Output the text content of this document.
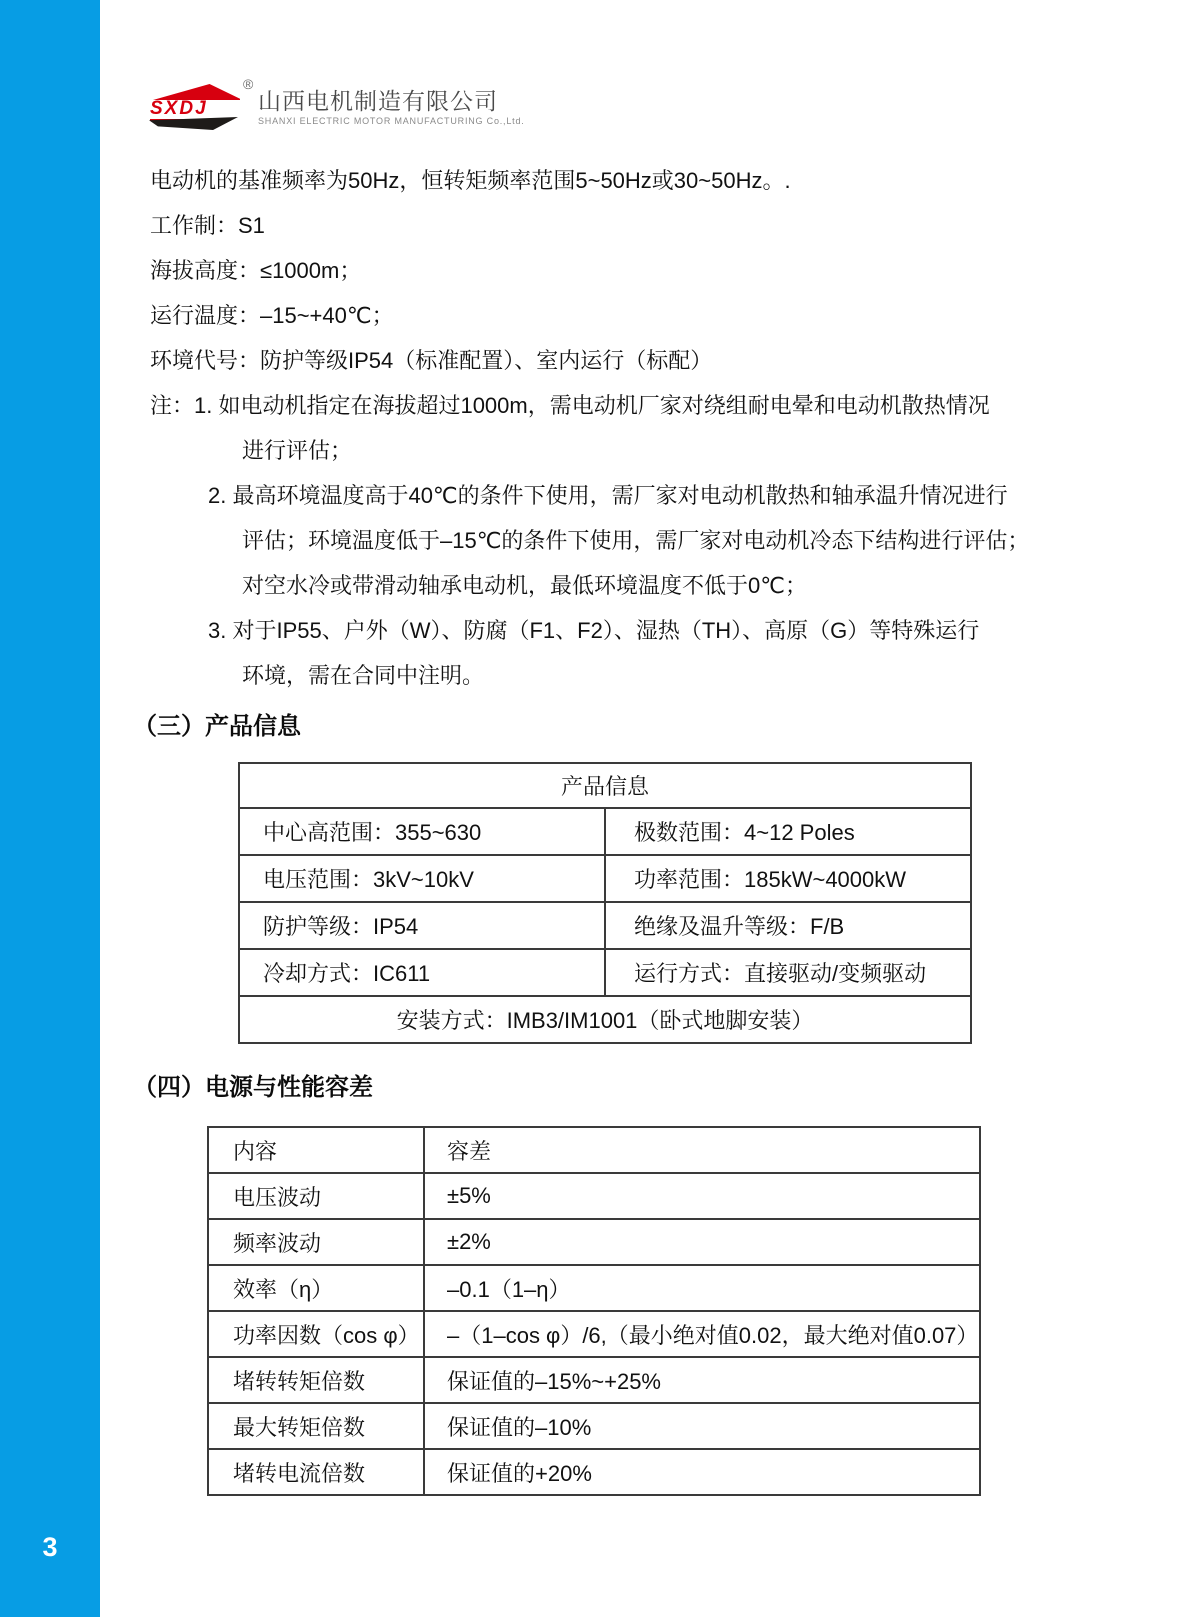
3
SXDJ
®
山西电机制造有限公司
SHANXI ELECTRIC MOTOR MANUFACTURING Co.,Ltd.
电动机的基准频率为50Hz，恒转矩频率范围5~50Hz或30~50Hz。.
工作制：S1
海拔高度：≤1000m；
运行温度：–15~+40℃；
环境代号：防护等级IP54（标准配置）、室内运行（标配）
注：1. 如电动机指定在海拔超过1000m，需电动机厂家对绕组耐电晕和电动机散热情况
进行评估；
2. 最高环境温度高于40℃的条件下使用，需厂家对电动机散热和轴承温升情况进行
评估；环境温度低于–15℃的条件下使用，需厂家对电动机冷态下结构进行评估；
对空水冷或带滑动轴承电动机，最低环境温度不低于0℃；
3. 对于IP55、户外（W）、防腐（F1、F2）、湿热（TH）、高原（G）等特殊运行
环境，需在合同中注明。
（三）产品信息
产品信息	
中心高范围：355~630	极数范围：4~12 Poles
电压范围：3kV~10kV	功率范围：185kW~4000kW
防护等级：IP54	绝缘及温升等级：F/B
冷却方式：IC611	运行方式：直接驱动/变频驱动
安装方式：IMB3/IM1001（卧式地脚安装）	
（四）电源与性能容差
内容	容差
电压波动	±5%
频率波动	±2%
效率（η）	–0.1（1–η）
功率因数（cos φ）	–（1–cos φ）/6,（最小绝对值0.02，最大绝对值0.07）
堵转转矩倍数	保证值的–15%~+25%
最大转矩倍数	保证值的–10%
堵转电流倍数	保证值的+20%
